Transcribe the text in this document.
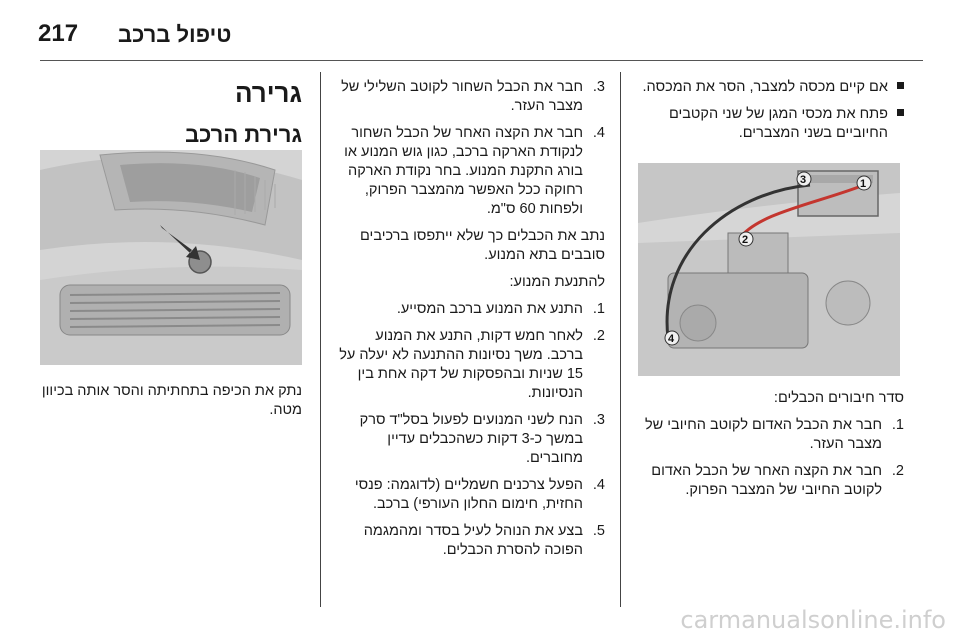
217 טיפול ברכב
גרירה
גרירת הרכב

נתק את הכיפה בתחתיתה והסר אותה בכיוון מטה.

3.
חבר את הכבל השחור לקוטב השלילי של מצבר העזר.
4.
חבר את הקצה האחר של הכבל השחור לנקודת הארקה ברכב, כגון גוש המנוע או בורג התקנת המנוע. בחר נקודת הארקה רחוקה ככל האפשר מהמצבר הפרוק, ולפחות 60 ס"מ.

נתב את הכבלים כך שלא ייתפסו ברכיבים סובבים בתא המנוע.

להתנעת המנוע:

1.
התנע את המנוע ברכב המסייע.
2.
לאחר חמש דקות, התנע את המנוע ברכב. משך נסיונות ההתנעה לא יעלה על 15 שניות ובהפסקות של דקה אחת בין הנסיונות.
3.
הנח לשני המנועים לפעול בסל"ד סרק במשך כ-3 דקות כשהכבלים עדיין מחוברים.
4.
הפעל צרכנים חשמליים (לדוגמה: פנסי החזית, חימום החלון העורפי) ברכב.
5.
בצע את הנוהל לעיל בסדר ומהמגמה הפוכה להסרת הכבלים.
אם קיים מכסה למצבר, הסר את המכסה.
פתח את מכסי המגן של שני הקטבים החיוביים בשני המצברים.
1
2
3
4

סדר חיבורים הכבלים:

1.
חבר את הכבל האדום לקוטב החיובי של מצבר העזר.
2.
חבר את הקצה האחר של הכבל האדום לקוטב החיובי של המצבר הפרוק.
carmanualsonline.info
